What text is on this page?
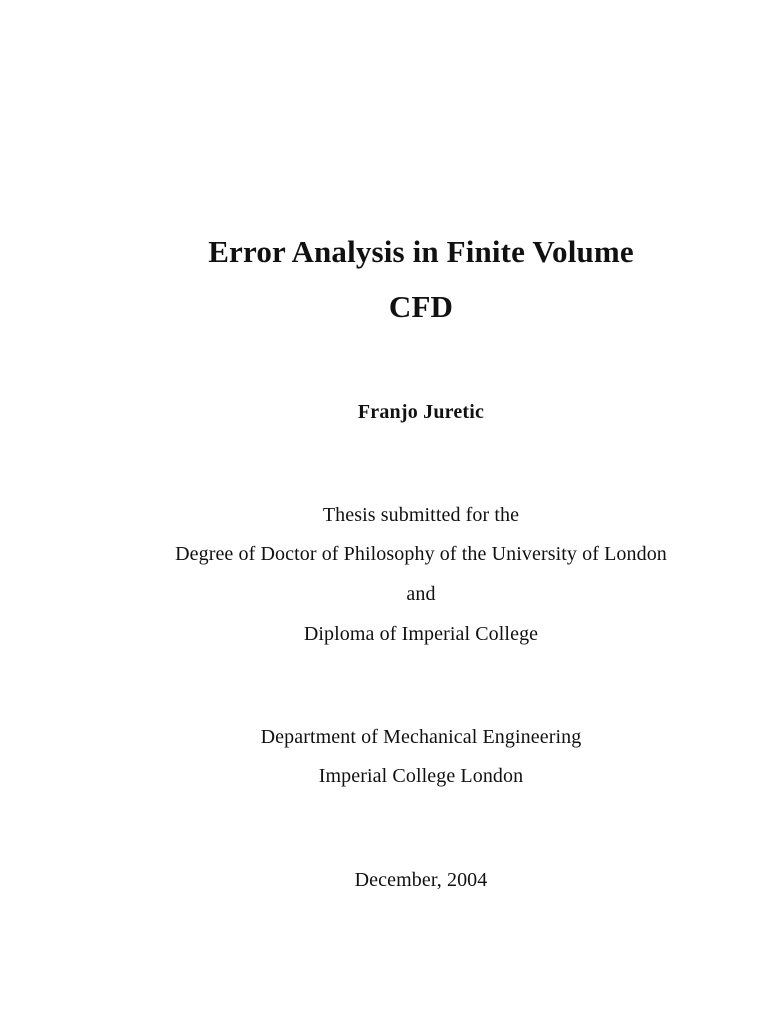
Error Analysis in Finite Volume
CFD
Franjo Juretic
Thesis submitted for the
Degree of Doctor of Philosophy of the University of London
and
Diploma of Imperial College
Department of Mechanical Engineering
Imperial College London
December, 2004
